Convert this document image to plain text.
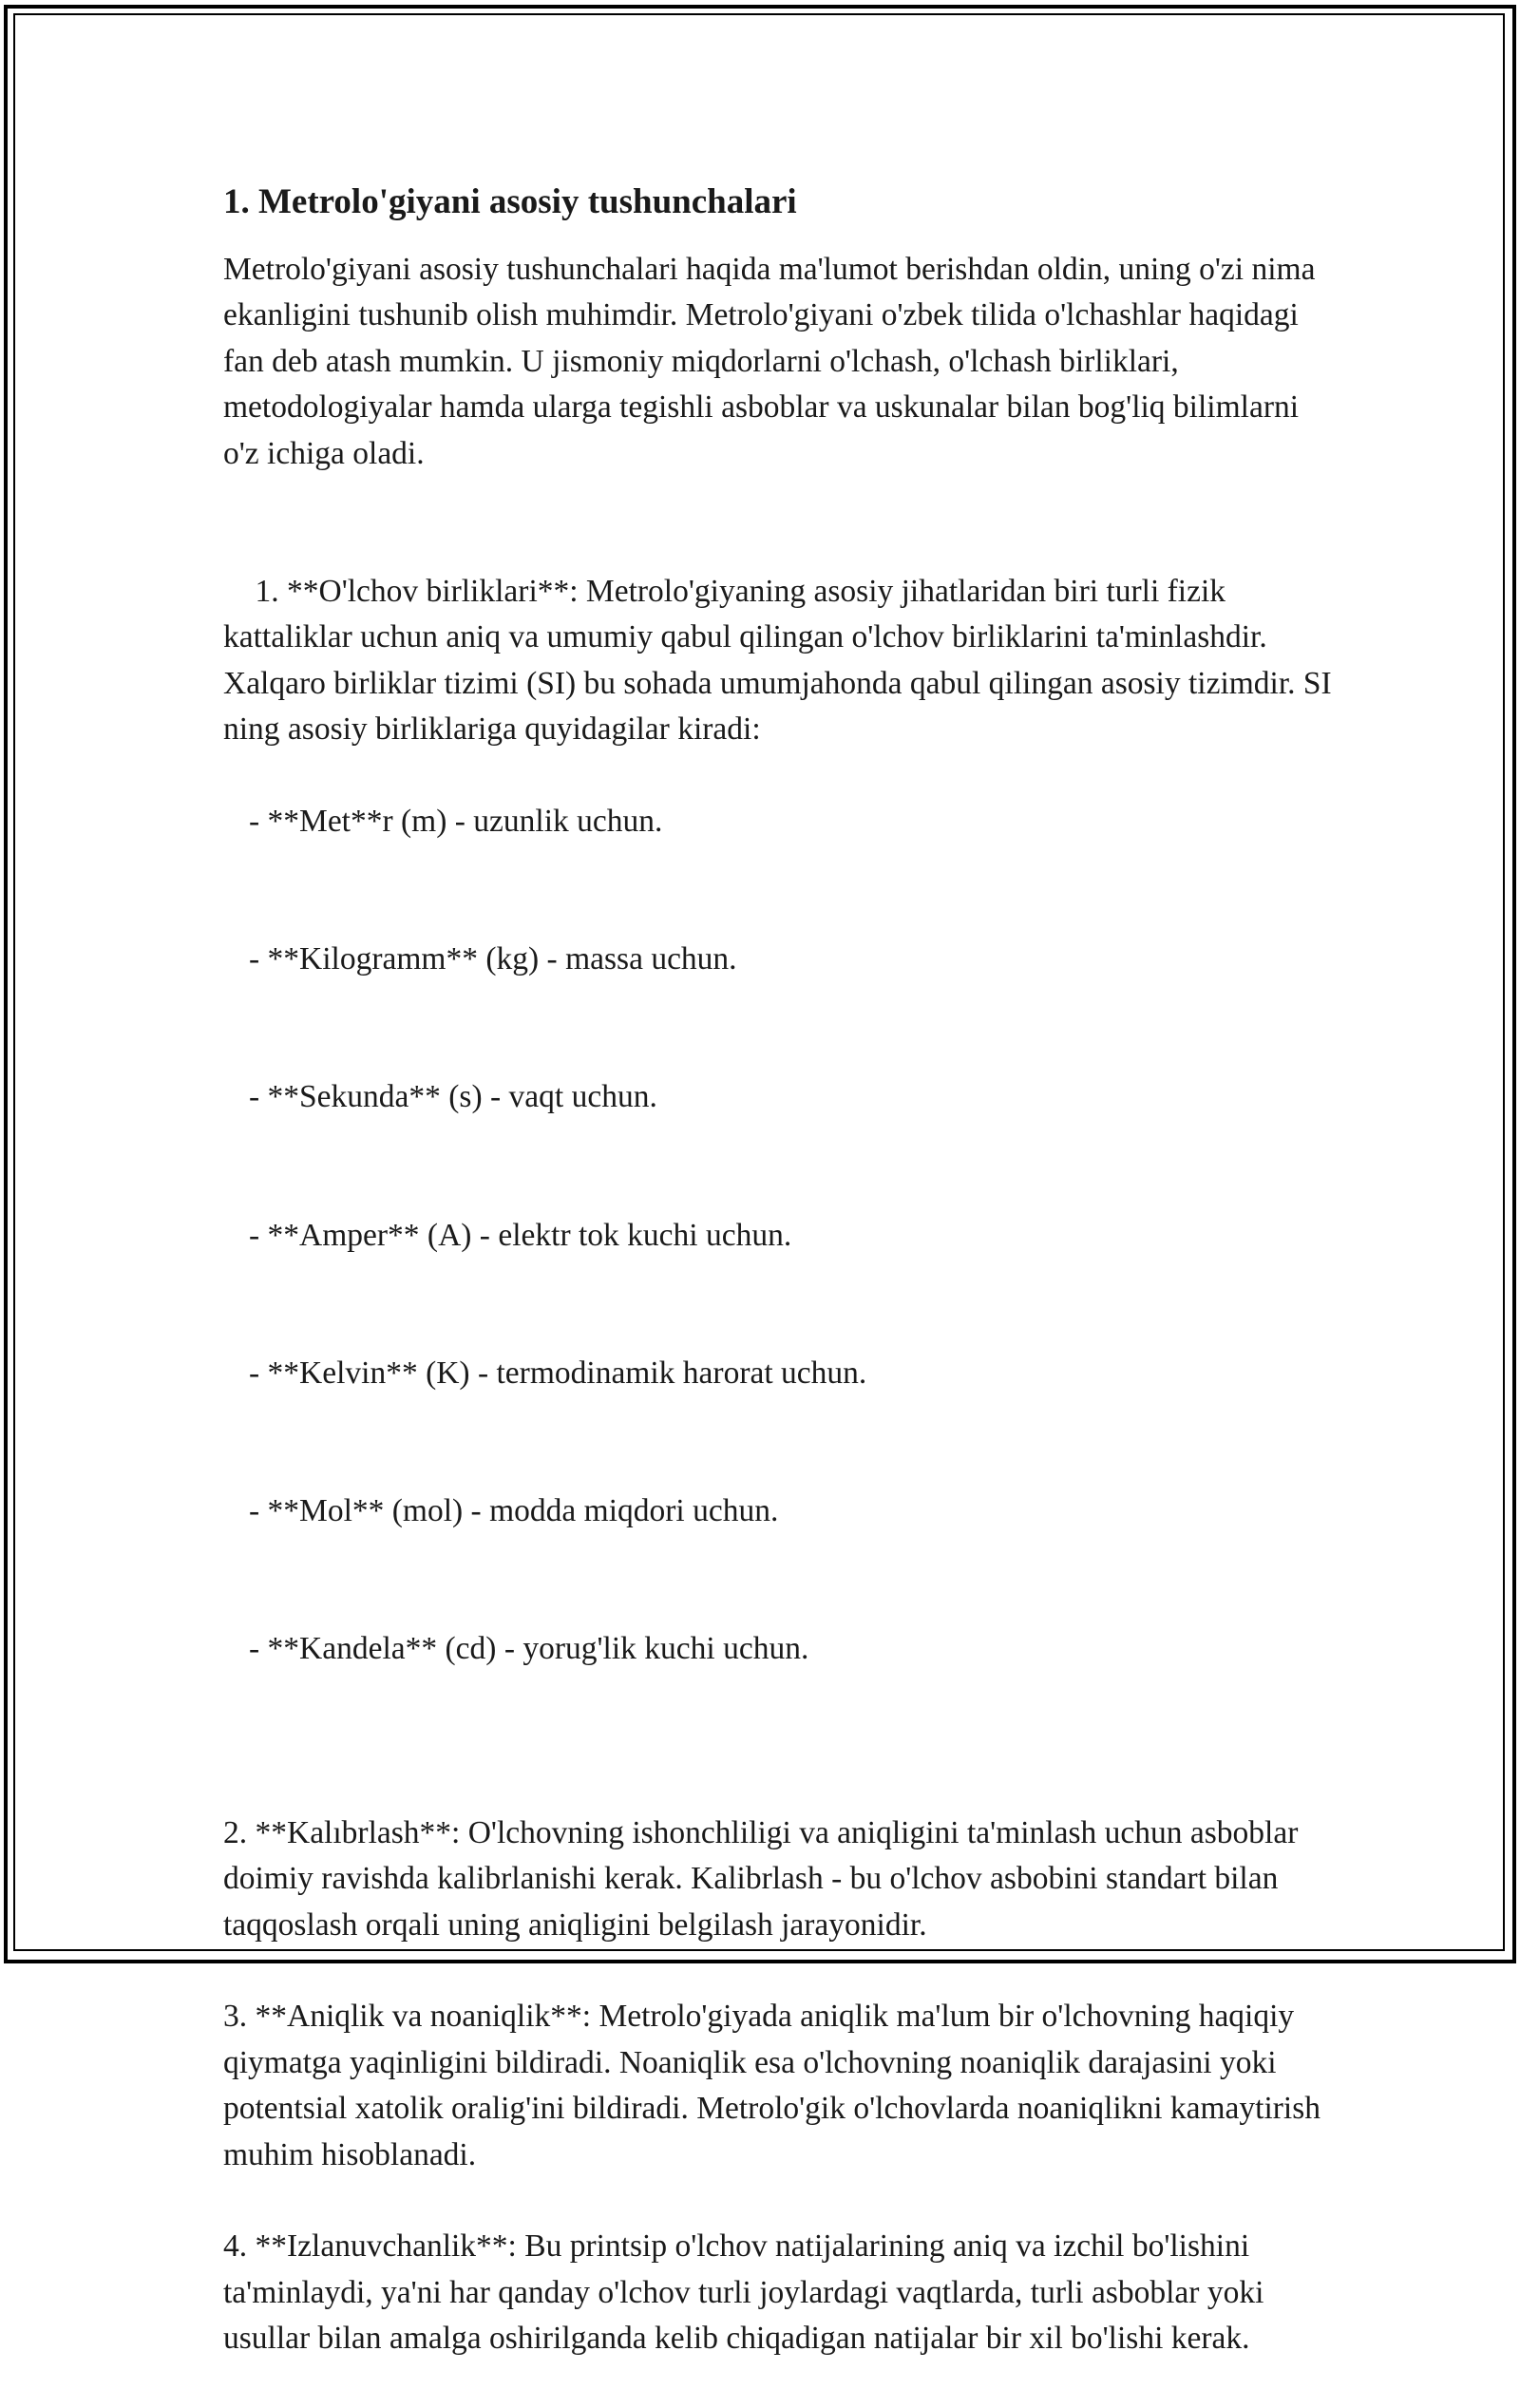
1. Metrolo'giyani asosiy tushunchalari
Metrolo'giyani asosiy tushunchalari haqida ma'lumot berishdan oldin, uning o'zi nima ekanligini tushunib olish muhimdir. Metrolo'giyani o'zbek tilida o'lchashlar haqidagi fan deb atash mumkin. U jismoniy miqdorlarni o'lchash, o'lchash birliklari, metodologiyalar hamda ularga tegishli asboblar va uskunalar bilan bog'liq bilimlarni o'z ichiga oladi.

1. **O'lchov birliklari**: Metrolo'giyaning asosiy jihatlaridan biri turli fizik kattaliklar uchun aniq va umumiy qabul qilingan o'lchov birliklarini ta'minlashdir. Xalqaro birliklar tizimi (SI) bu sohada umumjahonda qabul qilingan asosiy tizimdir. SI ning asosiy birliklariga quyidagilar kiradi:

- **Met**r (m) - uzunlik uchun.

- **Kilogramm** (kg) - massa uchun.

- **Sekunda** (s) - vaqt uchun.

- **Amper** (A) - elektr tok kuchi uchun.

- **Kelvin** (K) - termodinamik harorat uchun.

- **Mol** (mol) - modda miqdori uchun.

- **Kandela** (cd) - yorug'lik kuchi uchun.

2. **Kalıbrlash**: O'lchovning ishonchliligi va aniqligini ta'minlash uchun asboblar doimiy ravishda kalibrlanishi kerak. Kalibrlash - bu o'lchov asbobini standart bilan taqqoslash orqali uning aniqligini belgilash jarayonidir.
3. **Aniqlik va noaniqlik**: Metrolo'giyada aniqlik ma'lum bir o'lchovning haqiqiy qiymatga yaqinligini bildiradi. Noaniqlik esa o'lchovning noaniqlik darajasini yoki potentsial xatolik oralig'ini bildiradi. Metrolo'gik o'lchovlarda noaniqlikni kamaytirish muhim hisoblanadi.
4. **Izlanuvchanlik**: Bu printsip o'lchov natijalarining aniq va izchil bo'lishini ta'minlaydi, ya'ni har qanday o'lchov turli joylardagi vaqtlarda, turli asboblar yoki usullar bilan amalga oshirilganda kelib chiqadigan natijalar bir xil bo'lishi kerak.
